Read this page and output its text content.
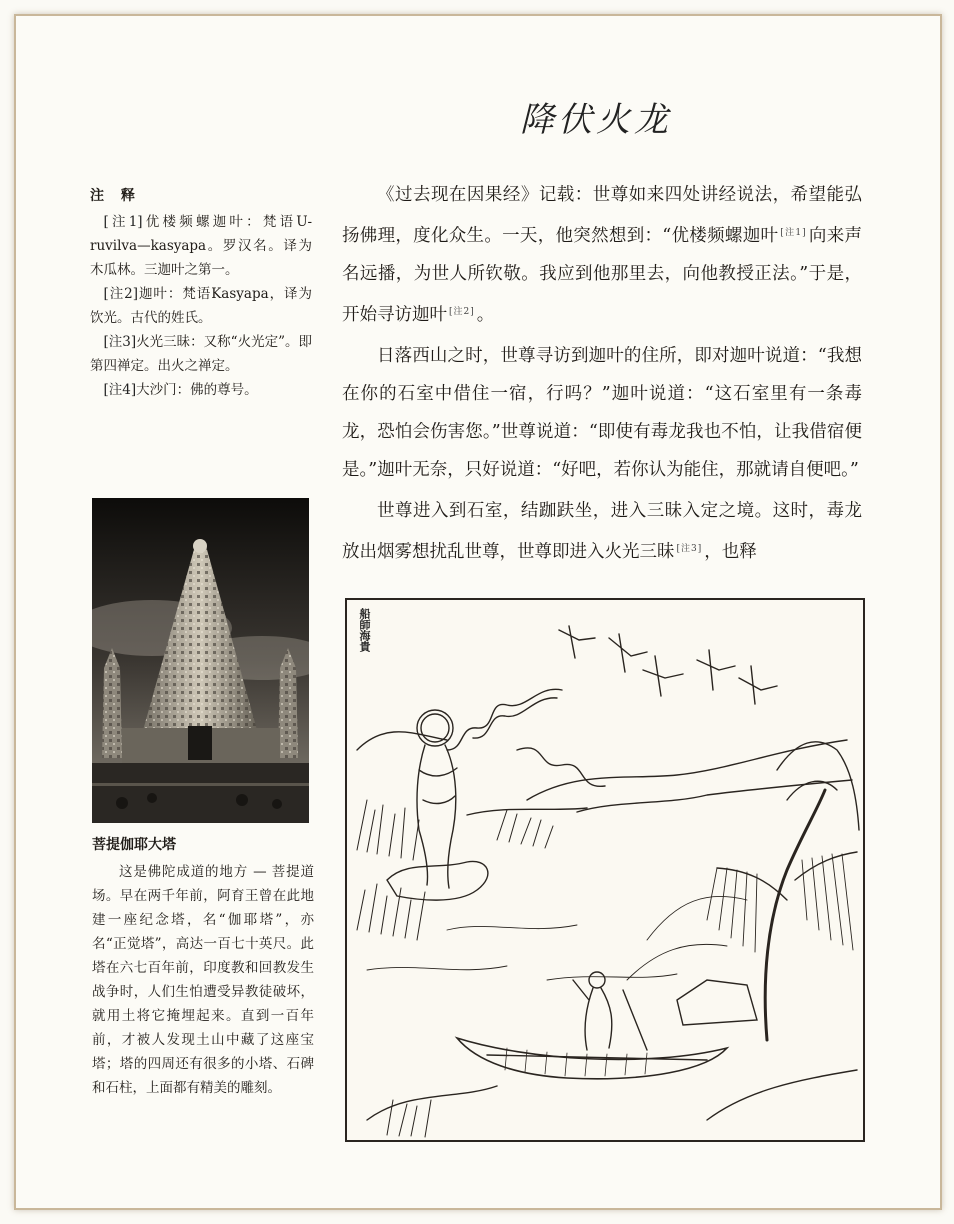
降伏火龙
注 释

[注1]优楼频螺迦叶：梵语U-ruvilva—kasyapa。罗汉名。译为木瓜林。三迦叶之第一。

[注2]迦叶：梵语Kasyapa，译为饮光。古代的姓氏。

[注3]火光三昧：又称“火光定”。即第四禅定。出火之禅定。

[注4]大沙门：佛的尊号。

《过去现在因果经》记载：世尊如来四处讲经说法，希望能弘扬佛理，度化众生。一天，他突然想到：“优楼频螺迦叶 [注1] 向来声名远播，为世人所钦敬。我应到他那里去，向他教授正法。”于是，开始寻访迦叶 [注2] 。

日落西山之时，世尊寻访到迦叶的住所，即对迦叶说道：“我想在你的石室中借住一宿，行吗？”迦叶说道：“这石室里有一条毒龙，恐怕会伤害您。”世尊说道：“即使有毒龙我也不怕，让我借宿便是。”迦叶无奈，只好说道：“好吧，若你认为能住，那就请自便吧。”

世尊进入到石室，结跏趺坐，进入三昧入定之境。这时，毒龙放出烟雾想扰乱世尊，世尊即进入火光三昧 [注3] ，也释

菩提伽耶大塔

这是佛陀成道的地方 — 菩提道场。早在两千年前，阿育王曾在此地建一座纪念塔，名“伽耶塔”，亦名“正觉塔”，高达一百七十英尺。此塔在六七百年前，印度教和回教发生战争时，人们生怕遭受异教徒破坏，就用土将它掩埋起来。直到一百年前，才被人发现土山中藏了这座宝塔；塔的四周还有很多的小塔、石碑和石柱，上面都有精美的雕刻。

船師海貴
